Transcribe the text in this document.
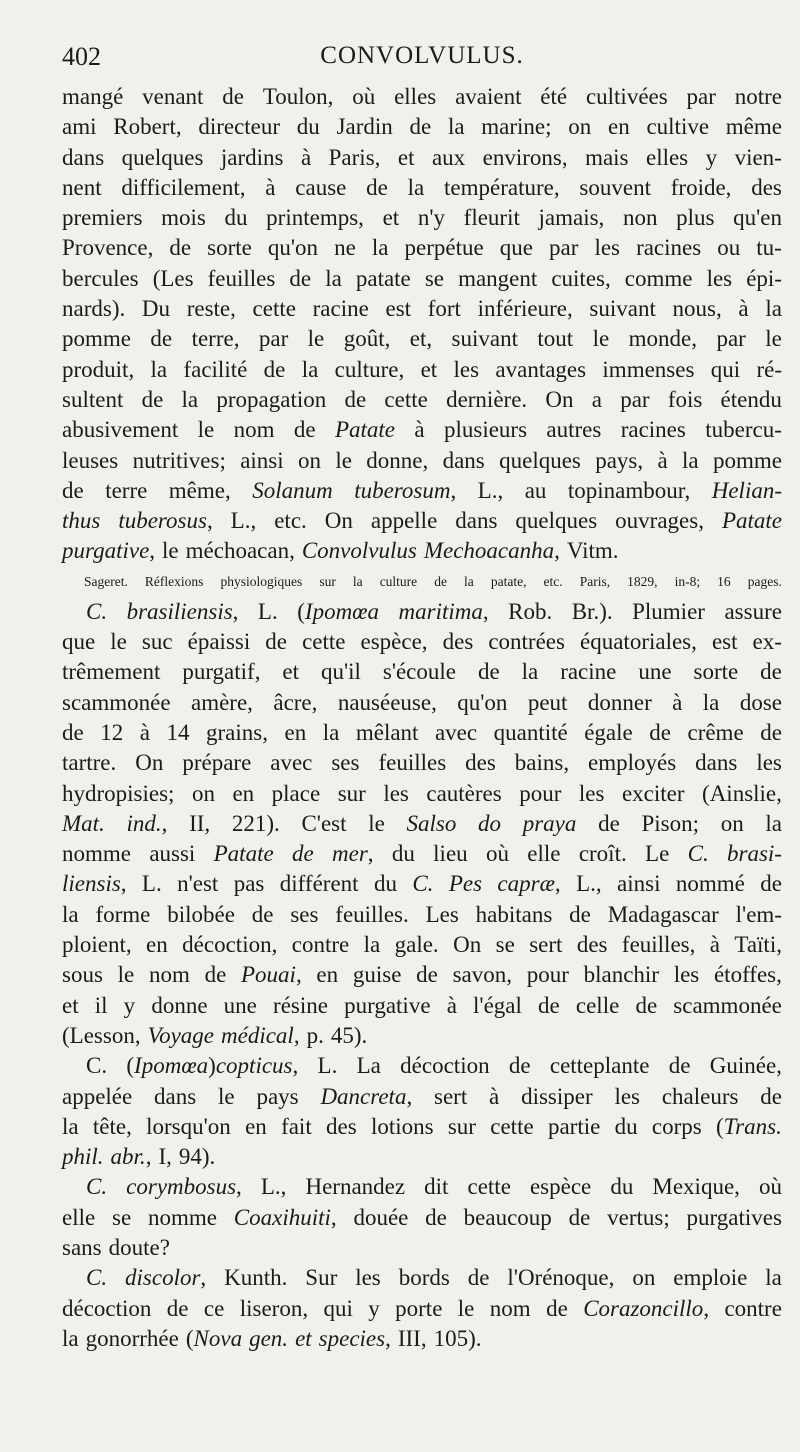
402	CONVOLVULUS.
mangé venant de Toulon, où elles avaient été cultivées par notre
ami Robert, directeur du Jardin de la marine; on en cultive même
dans quelques jardins à Paris, et aux environs, mais elles y vien-
nent difficilement, à cause de la température, souvent froide, des
premiers mois du printemps, et n'y fleurit jamais, non plus qu'en
Provence, de sorte qu'on ne la perpétue que par les racines ou tu-
bercules (Les feuilles de la patate se mangent cuites, comme les épi-
nards). Du reste, cette racine est fort inférieure, suivant nous, à la
pomme de terre, par le goût, et, suivant tout le monde, par le
produit, la facilité de la culture, et les avantages immenses qui ré-
sultent de la propagation de cette dernière. On a par fois étendu
abusivement le nom de Patate à plusieurs autres racines tubercu-
leuses nutritives; ainsi on le donne, dans quelques pays, à la pomme
de terre même, Solanum tuberosum, L., au topinambour, Helian-
thus tuberosus, L., etc. On appelle dans quelques ouvrages, Patate
purgative, le méchoacan, Convolvulus Mechoacanha, Vitm.
Sageret. Réflexions physiologiques sur la culture de la patate, etc. Paris, 1829, in-8; 16 pages.
C. brasiliensis, L. (Ipomœa maritima, Rob. Br.). Plumier assure
que le suc épaissi de cette espèce, des contrées équatoriales, est ex-
trêmement purgatif, et qu'il s'écoule de la racine une sorte de
scammonée amère, âcre, nauséeuse, qu'on peut donner à la dose
de 12 à 14 grains, en la mêlant avec quantité égale de crême de
tartre. On prépare avec ses feuilles des bains, employés dans les
hydropisies; on en place sur les cautères pour les exciter (Ainslie,
Mat. ind., II, 221). C'est le Salso do praya de Pison; on la
nomme aussi Patate de mer, du lieu où elle croît. Le C. brasi-
liensis, L. n'est pas différent du C. Pes capræ, L., ainsi nommé de
la forme bilobée de ses feuilles. Les habitans de Madagascar l'em-
ploient, en décoction, contre la gale. On se sert des feuilles, à Taïti,
sous le nom de Pouai, en guise de savon, pour blanchir les étoffes,
et il y donne une résine purgative à l'égal de celle de scammonée
(Lesson, Voyage médical, p. 45).
C. (Ipomœa)copticus, L. La décoction de cetteplante de Guinée,
appelée dans le pays Dancreta, sert à dissiper les chaleurs de
la tête, lorsqu'on en fait des lotions sur cette partie du corps (Trans.
phil. abr., I, 94).
C. corymbosus, L., Hernandez dit cette espèce du Mexique, où
elle se nomme Coaxihuiti, douée de beaucoup de vertus; purgatives
sans doute?
C. discolor, Kunth. Sur les bords de l'Orénoque, on emploie la
décoction de ce liseron, qui y porte le nom de Corazoncillo, contre
la gonorrhée (Nova gen. et species, III, 105).
